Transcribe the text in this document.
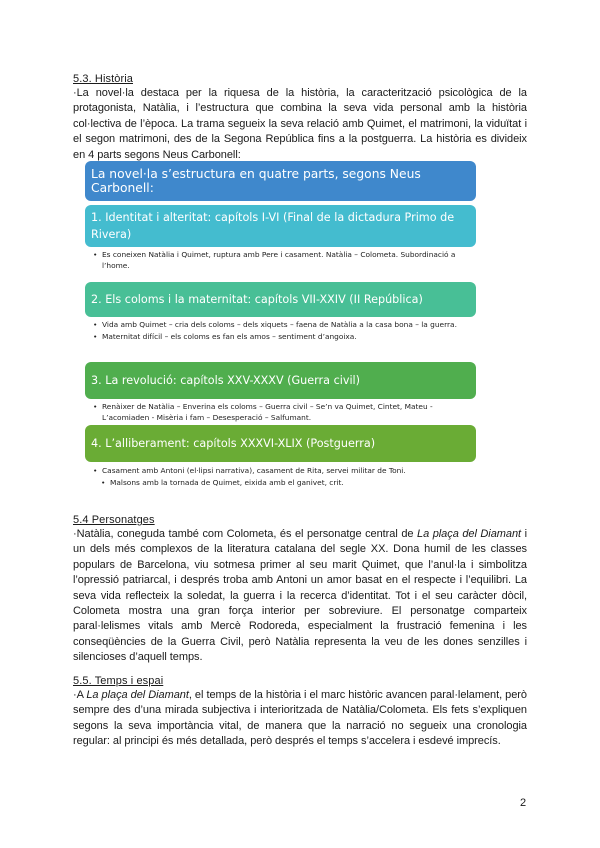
5.3. Història
·La novel·la destaca per la riquesa de la història, la caracterització psicològica de la protagonista, Natàlia, i l’estructura que combina la seva vida personal amb la història col·lectiva de l’època. La trama segueix la seva relació amb Quimet, el matrimoni, la viduïtat i el segon matrimoni, des de la Segona República fins a la postguerra. La història es divideix en 4 parts segons Neus Carbonell:
La novel·la s’estructura en quatre parts, segons Neus Carbonell:
1. Identitat i alteritat: capítols I-VI (Final de la dictadura Primo de Rivera)
• Es coneixen Natàlia i Quimet, ruptura amb Pere i casament. Natàlia – Colometa. Subordinació a l’home.
2. Els coloms i la maternitat: capítols VII-XXIV (II República)
• Vida amb Quimet – cria dels coloms – dels xiquets – faena de Natàlia a la casa bona – la guerra.
• Maternitat difícil – els coloms es fan els amos – sentiment d’angoixa.
3. La revolució: capítols XXV-XXXV (Guerra civil)
• Renàixer de Natàlia – Enverina els coloms – Guerra civil – Se’n va Quimet, Cintet, Mateu - L’acomiaden - Misèria i fam – Desesperació – Salfumant.
4. L’alliberament: capítols XXXVI-XLIX (Postguerra)
• Casament amb Antoni (el·lipsi narrativa), casament de Rita, servei militar de Toni.
• Malsons amb la tornada de Quimet, eixida amb el ganivet, crit.
5.4 Personatges
·Natàlia, coneguda també com Colometa, és el personatge central de La plaça del Diamant i un dels més complexos de la literatura catalana del segle XX. Dona humil de les classes populars de Barcelona, viu sotmesa primer al seu marit Quimet, que l’anul·la i simbolitza l’opressió patriarcal, i després troba amb Antoni un amor basat en el respecte i l’equilibri. La seva vida reflecteix la soledat, la guerra i la recerca d’identitat. Tot i el seu caràcter dòcil, Colometa mostra una gran força interior per sobreviure. El personatge comparteix paral·lelismes vitals amb Mercè Rodoreda, especialment la frustració femenina i les conseqüències de la Guerra Civil, però Natàlia representa la veu de les dones senzilles i silencioses d’aquell temps.
5.5. Temps i espai
·A La plaça del Diamant, el temps de la història i el marc històric avancen paral·lelament, però sempre des d’una mirada subjectiva i interioritzada de Natàlia/Colometa. Els fets s’expliquen segons la seva importància vital, de manera que la narració no segueix una cronologia regular: al principi és més detallada, però després el temps s’accelera i esdevé imprecís.
2
